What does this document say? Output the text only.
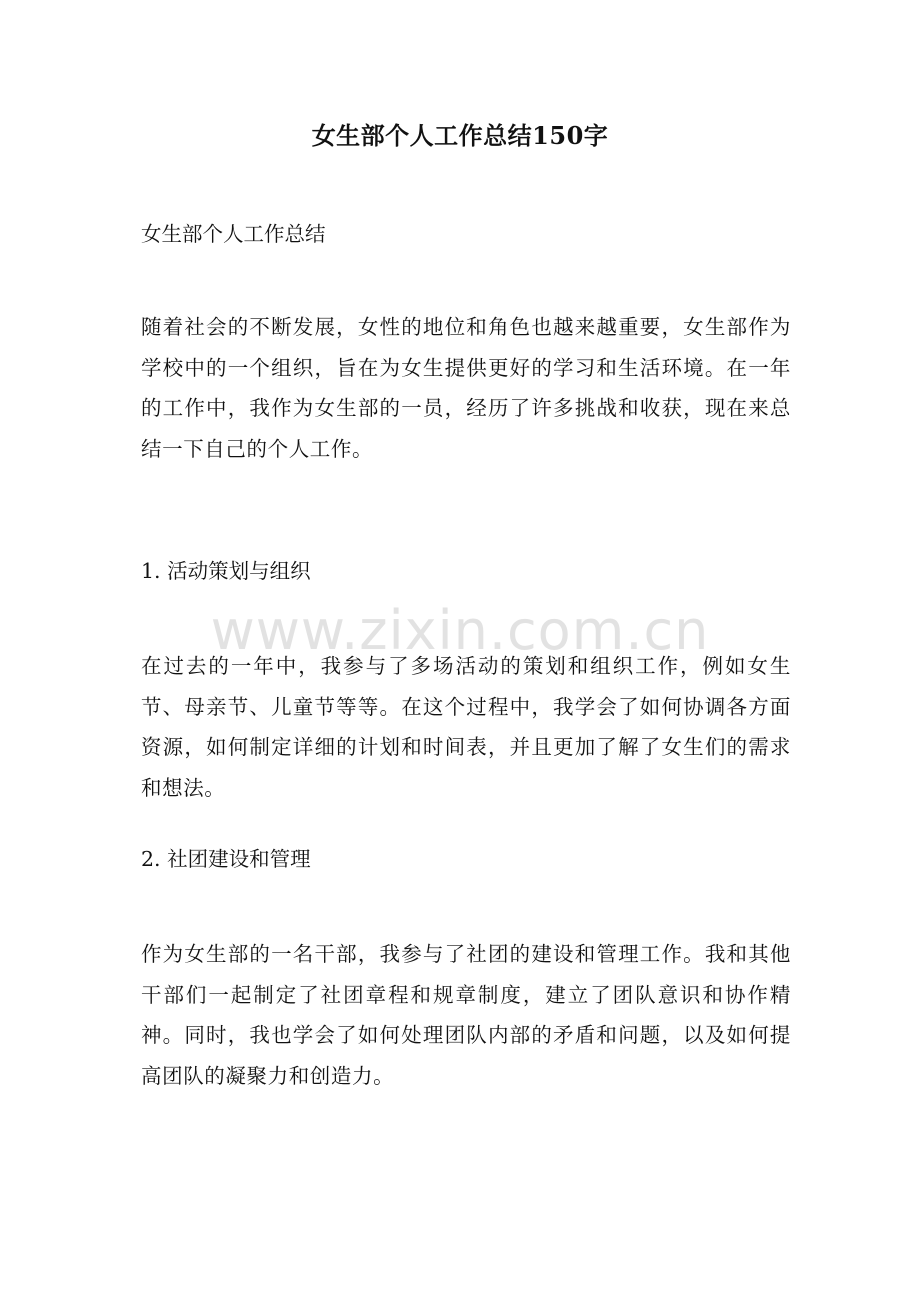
女生部个人工作总结150字
女生部个人工作总结
随着社会的不断发展，女性的地位和角色也越来越重要，女生部作为学校中的一个组织，旨在为女生提供更好的学习和生活环境。在一年的工作中，我作为女生部的一员，经历了许多挑战和收获，现在来总结一下自己的个人工作。
1. 活动策划与组织
在过去的一年中，我参与了多场活动的策划和组织工作，例如女生节、母亲节、儿童节等等。在这个过程中，我学会了如何协调各方面资源，如何制定详细的计划和时间表，并且更加了解了女生们的需求和想法。
2. 社团建设和管理
作为女生部的一名干部，我参与了社团的建设和管理工作。我和其他干部们一起制定了社团章程和规章制度，建立了团队意识和协作精神。同时，我也学会了如何处理团队内部的矛盾和问题，以及如何提高团队的凝聚力和创造力。
www.zixin.com.cn
